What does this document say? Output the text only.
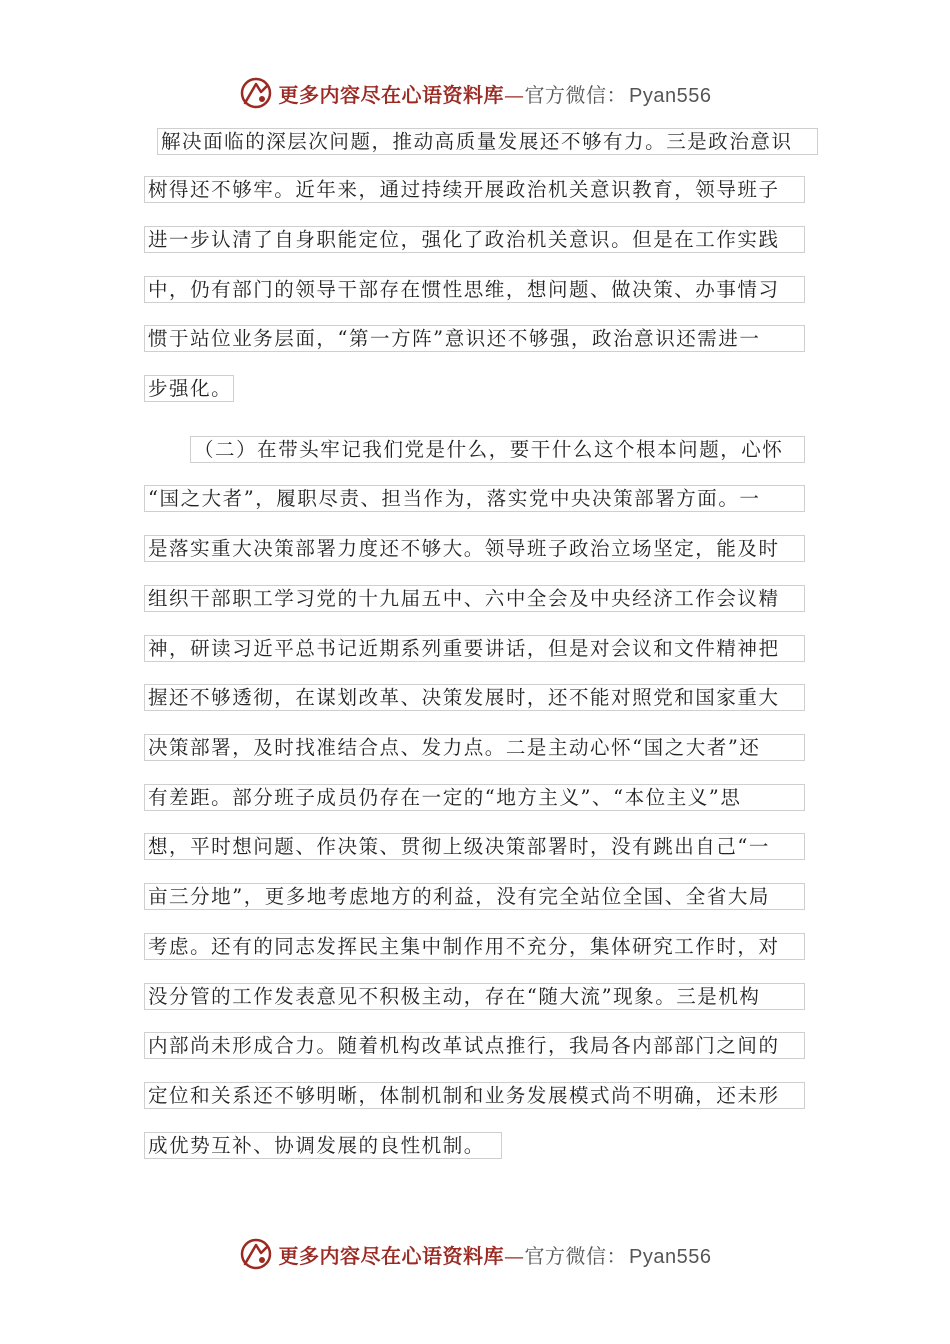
更多内容尽在心语资料库—官方微信： Pyan556
解决面临的深层次问题，推动高质量发展还不够有力。三是政治意识
树得还不够牢。近年来，通过持续开展政治机关意识教育，领导班子
进一步认清了自身职能定位，强化了政治机关意识。但是在工作实践
中，仍有部门的领导干部存在惯性思维，想问题、做决策、办事情习
惯于站位业务层面，“第一方阵”意识还不够强，政治意识还需进一
步强化。
（二）在带头牢记我们党是什么，要干什么这个根本问题，心怀
“国之大者”，履职尽责、担当作为，落实党中央决策部署方面。一
是落实重大决策部署力度还不够大。领导班子政治立场坚定，能及时
组织干部职工学习党的十九届五中、六中全会及中央经济工作会议精
神，研读习近平总书记近期系列重要讲话，但是对会议和文件精神把
握还不够透彻，在谋划改革、决策发展时，还不能对照党和国家重大
决策部署，及时找准结合点、发力点。二是主动心怀“国之大者”还
有差距。部分班子成员仍存在一定的“地方主义”、“本位主义”思
想，平时想问题、作决策、贯彻上级决策部署时，没有跳出自己“一
亩三分地”，更多地考虑地方的利益，没有完全站位全国、全省大局
考虑。还有的同志发挥民主集中制作用不充分，集体研究工作时，对
没分管的工作发表意见不积极主动，存在“随大流”现象。三是机构
内部尚未形成合力。随着机构改革试点推行，我局各内部部门之间的
定位和关系还不够明晰，体制机制和业务发展模式尚不明确，还未形
成优势互补、协调发展的良性机制。
更多内容尽在心语资料库—官方微信： Pyan556
